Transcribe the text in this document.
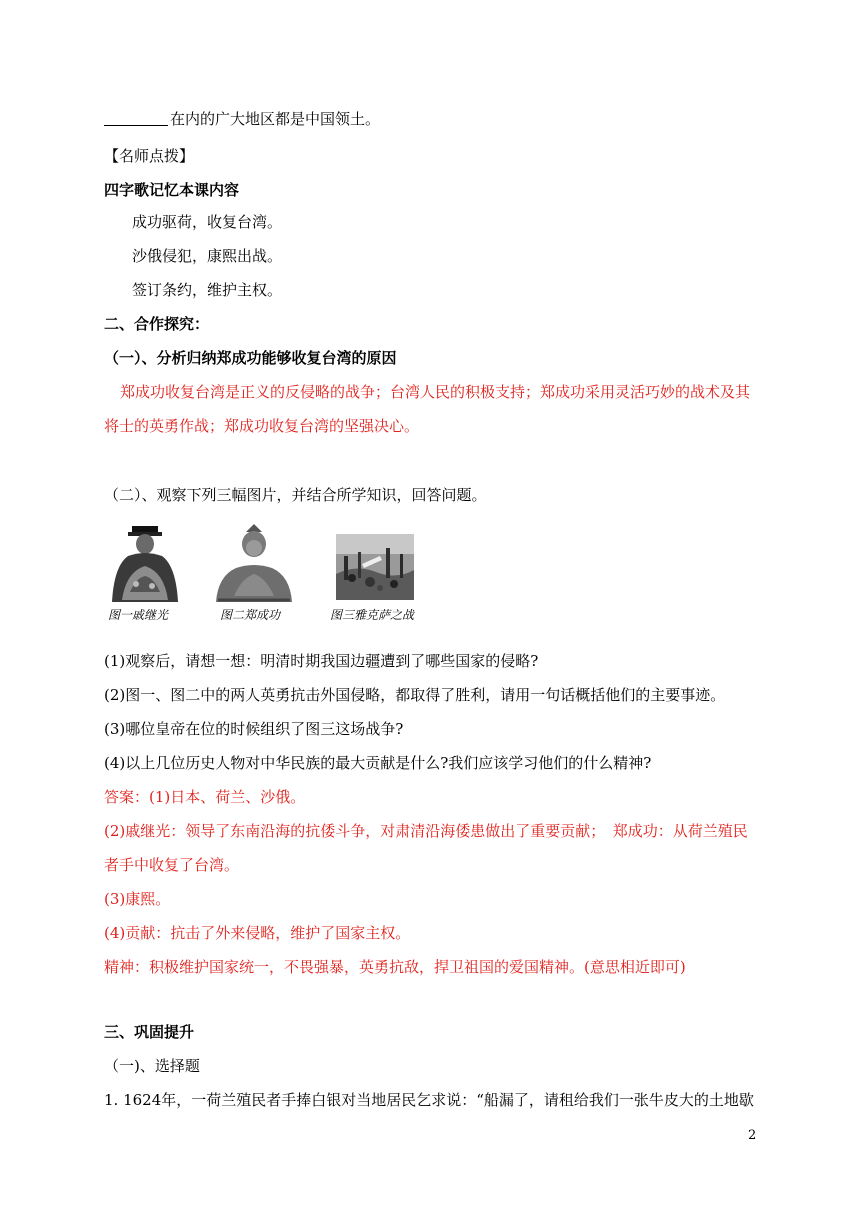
在内的广大地区都是中国领土。
【名师点拨】
四字歌记忆本课内容
成功驱荷，收复台湾。
沙俄侵犯，康熙出战。
签订条约，维护主权。
二、合作探究：
（一）、分析归纳郑成功能够收复台湾的原因
郑成功收复台湾是正义的反侵略的战争；台湾人民的积极支持；郑成功采用灵活巧妙的战术及其
将士的英勇作战；郑成功收复台湾的坚强决心。
（二）、观察下列三幅图片，并结合所学知识，回答问题。
图一戚继光	图二郑成功	图三雅克萨之战
(1)观察后，请想一想：明清时期我国边疆遭到了哪些国家的侵略?
(2)图一、图二中的两人英勇抗击外国侵略，都取得了胜利，请用一句话概括他们的主要事迹。
(3)哪位皇帝在位的时候组织了图三这场战争?
(4)以上几位历史人物对中华民族的最大贡献是什么?我们应该学习他们的什么精神?
答案：(1)日本、荷兰、沙俄。
(2)戚继光：领导了东南沿海的抗倭斗争，对肃清沿海倭患做出了重要贡献；　郑成功：从荷兰殖民
者手中收复了台湾。
(3)康熙。
(4)贡献：抗击了外来侵略，维护了国家主权。
精神：积极维护国家统一，不畏强暴，英勇抗敌，捍卫祖国的爱国精神。(意思相近即可)
三、巩固提升
（一)、选择题
1. 1624年，一荷兰殖民者手捧白银对当地居民乞求说：“船漏了，请租给我们一张牛皮大的土地歇
2
